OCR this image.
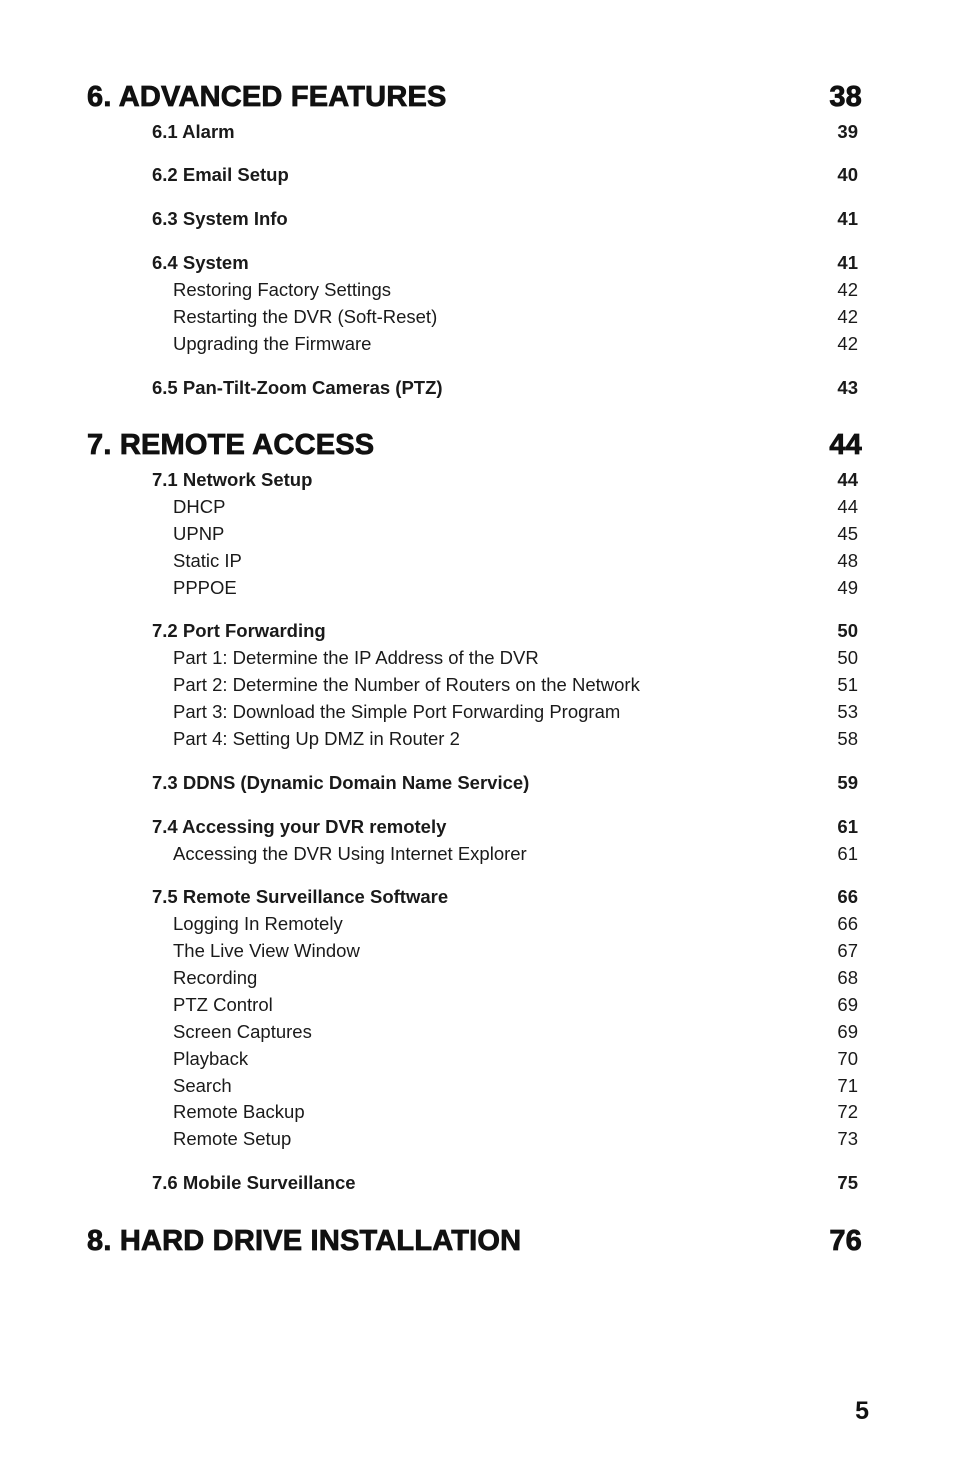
6. ADVANCED FEATURES	38
6.1 Alarm	39
6.2 Email Setup	40
6.3 System Info	41
6.4 System	41
Restoring Factory Settings	42
Restarting the DVR (Soft-Reset)	42
Upgrading the Firmware	42
6.5 Pan-Tilt-Zoom Cameras (PTZ)	43
7. REMOTE ACCESS	44
7.1 Network Setup	44
DHCP	44
UPNP	45
Static IP	48
PPPOE	49
7.2 Port Forwarding	50
Part 1: Determine the IP Address of the DVR	50
Part 2: Determine the Number of Routers on the Network	51
Part 3: Download the Simple Port Forwarding Program	53
Part 4: Setting Up DMZ in Router 2	58
7.3 DDNS (Dynamic Domain Name Service)	59
7.4 Accessing your DVR remotely	61
Accessing the DVR Using Internet Explorer	61
7.5 Remote Surveillance Software	66
Logging In Remotely	66
The Live View Window	67
Recording	68
PTZ Control	69
Screen Captures	69
Playback	70
Search	71
Remote Backup	72
Remote Setup	73
7.6 Mobile Surveillance	75
8. HARD DRIVE INSTALLATION	76
5
